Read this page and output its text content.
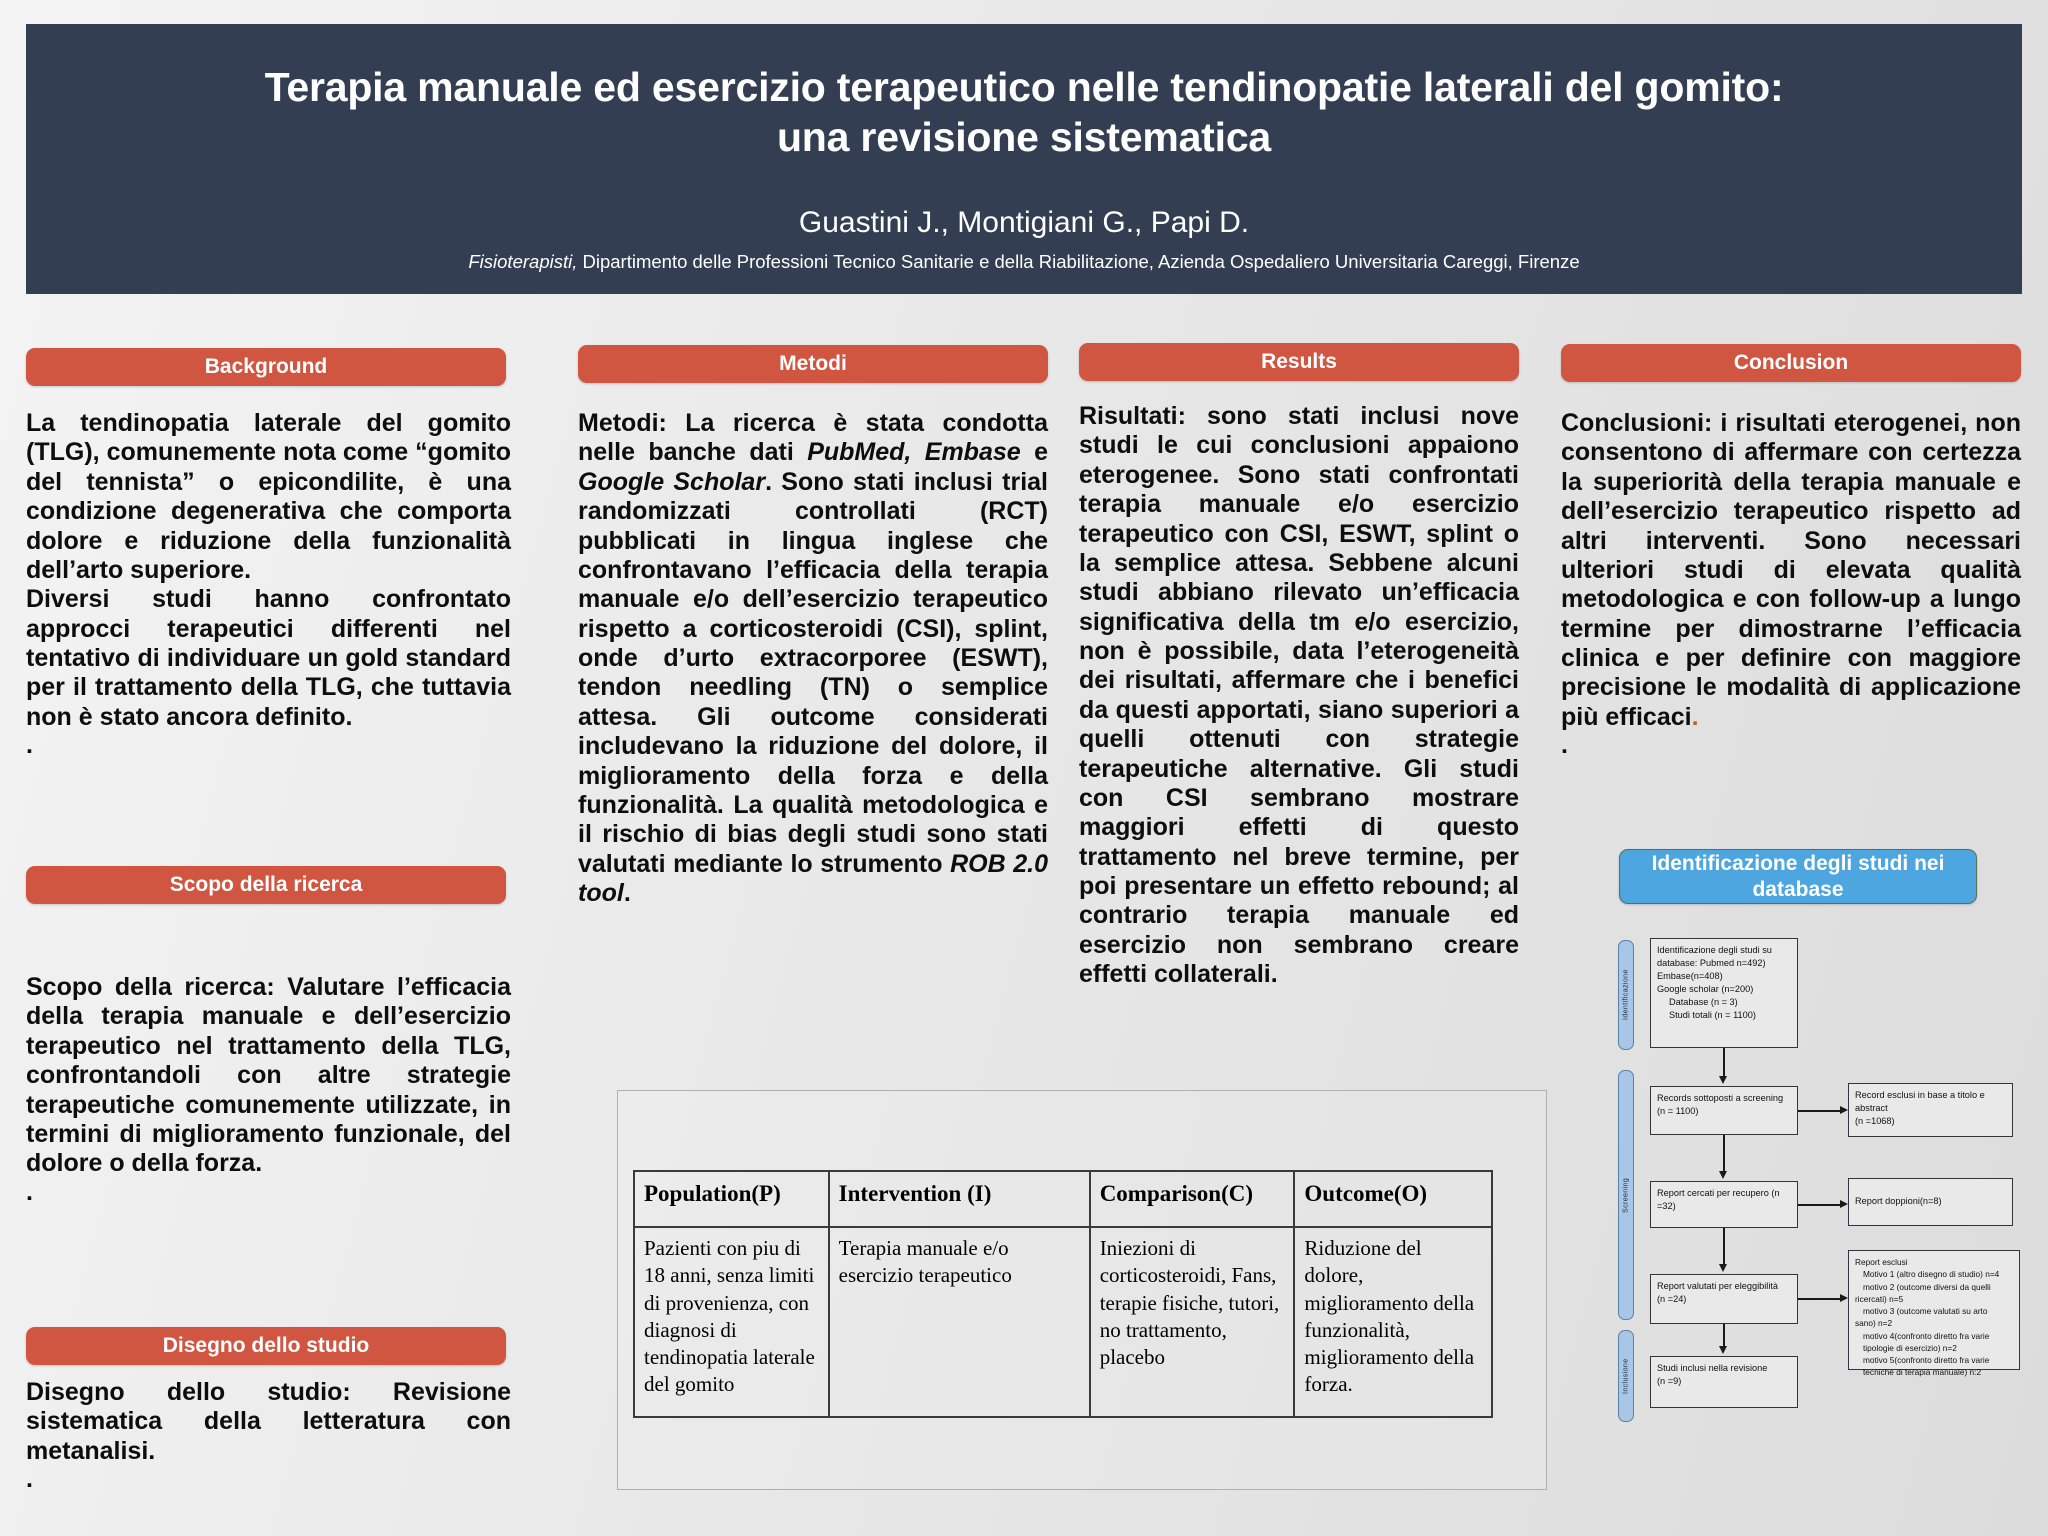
Terapia manuale ed esercizio terapeutico nelle tendinopatie laterali del gomito:
una revisione sistematica
Guastini J., Montigiani G., Papi D.
Fisioterapisti, Dipartimento delle Professioni Tecnico Sanitarie e della Riabilitazione, Azienda Ospedaliero Universitaria Careggi, Firenze
Background
La tendinopatia laterale del gomito (TLG), comunemente nota come “gomito del tennista” o epicondilite, è una condizione degenerativa che comporta dolore e riduzione della funzionalità dell’arto superiore.
Diversi studi hanno confrontato approcci terapeutici differenti nel tentativo di individuare un gold standard per il trattamento della TLG, che tuttavia non è stato ancora definito.
.
Scopo della ricerca
Scopo della ricerca: Valutare l’efficacia della terapia manuale e dell’esercizio terapeutico nel trattamento della TLG, confrontandoli con altre strategie terapeutiche comunemente utilizzate, in termini di miglioramento funzionale, del dolore o della forza.
.
Disegno dello studio
Disegno dello studio: Revisione sistematica della letteratura con metanalisi.
.
Metodi
Metodi: La ricerca è stata condotta nelle banche dati PubMed, Embase e Google Scholar. Sono stati inclusi trial randomizzati controllati (RCT) pubblicati in lingua inglese che confrontavano l’efficacia della terapia manuale e/o dell’esercizio terapeutico rispetto a corticosteroidi (CSI), splint, onde d’urto extracorporee (ESWT), tendon needling (TN) o semplice attesa. Gli outcome considerati includevano la riduzione del dolore, il miglioramento della forza e della funzionalità. La qualità metodologica e il rischio di bias degli studi sono stati valutati mediante lo strumento ROB 2.0 tool.
Results
Risultati: sono stati inclusi nove studi le cui conclusioni appaiono eterogenee. Sono stati confrontati terapia manuale e/o esercizio terapeutico con CSI, ESWT, splint o la semplice attesa. Sebbene alcuni studi abbiano rilevato un’efficacia significativa della tm e/o esercizio, non è possibile, data l’eterogeneità dei risultati, affermare che i benefici da questi apportati, siano superiori a quelli ottenuti con strategie terapeutiche alternative. Gli studi con CSI sembrano mostrare maggiori effetti di questo trattamento nel breve termine, per poi presentare un effetto rebound; al contrario terapia manuale ed esercizio non sembrano creare effetti collaterali.
Conclusion
Conclusioni: i risultati eterogenei, non consentono di affermare con certezza la superiorità della terapia manuale e dell’esercizio terapeutico rispetto ad altri interventi. Sono necessari ulteriori studi di elevata qualità metodologica e con follow-up a lungo termine per dimostrarne l’efficacia clinica e per definire con maggiore precisione le modalità di applicazione più efficaci.
.
Population(P)	Intervention (I)	Comparison(C)	Outcome(O)
Pazienti con piu di 18 anni, senza limiti di provenienza, con diagnosi di tendinopatia laterale del gomito	Terapia manuale e/o esercizio terapeutico	Iniezioni di corticosteroidi, Fans, terapie fisiche, tutori, no trattamento, placebo	Riduzione del dolore, miglioramento della funzionalità, miglioramento della forza.
Identificazione degli studi nei database
Identificazione
Screening
Inclusione
Identificazione degli studi su
database: Pubmed n=492)
Embase(n=408)
Google scholar (n=200)
Database (n = 3)
Studi totali (n = 1100)
Records sottoposti a screening
(n = 1100)
Record esclusi in base a titolo e
abstract
(n =1068)
Report cercati per recupero (n
=32)	Report doppioni(n=8)
Report valutati per eleggibilità
(n =24)
Report esclusi
Motivo 1 (altro disegno di studio) n=4
motivo 2 (outcome diversi da quelli
ricercati) n=5
motivo 3 (outcome valutati su arto
sano) n=2
motivo 4(confronto diretto fra varie
tipologie di esercizio) n=2
motivo 5(confronto diretto fra varie
tecniche di terapia manuale) n:2
Studi inclusi nella revisione
(n =9)
